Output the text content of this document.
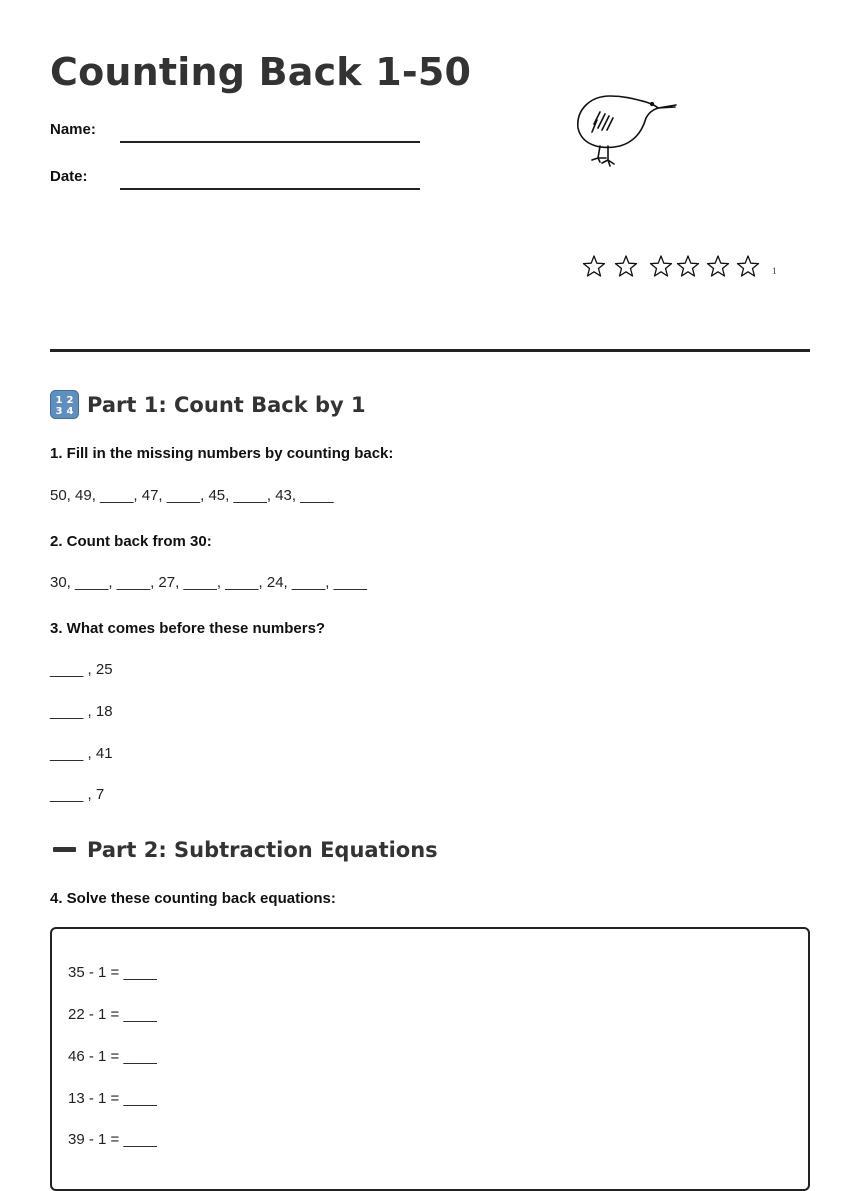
Counting Back 1-50
Name:
Date:
1
1 2
3 4 Part 1: Count Back by 1

1. Fill in the missing numbers by counting back:

50, 49, ____, 47, ____, 45, ____, 43, ____

2. Count back from 30:

30, ____, ____, 27, ____, ____, 24, ____, ____

3. What comes before these numbers?

____ , 25

____ , 18

____ , 41

____ , 7

Part 2: Subtraction Equations

4. Solve these counting back equations:

35 - 1 = ____

22 - 1 = ____

46 - 1 = ____

13 - 1 = ____

39 - 1 = ____
